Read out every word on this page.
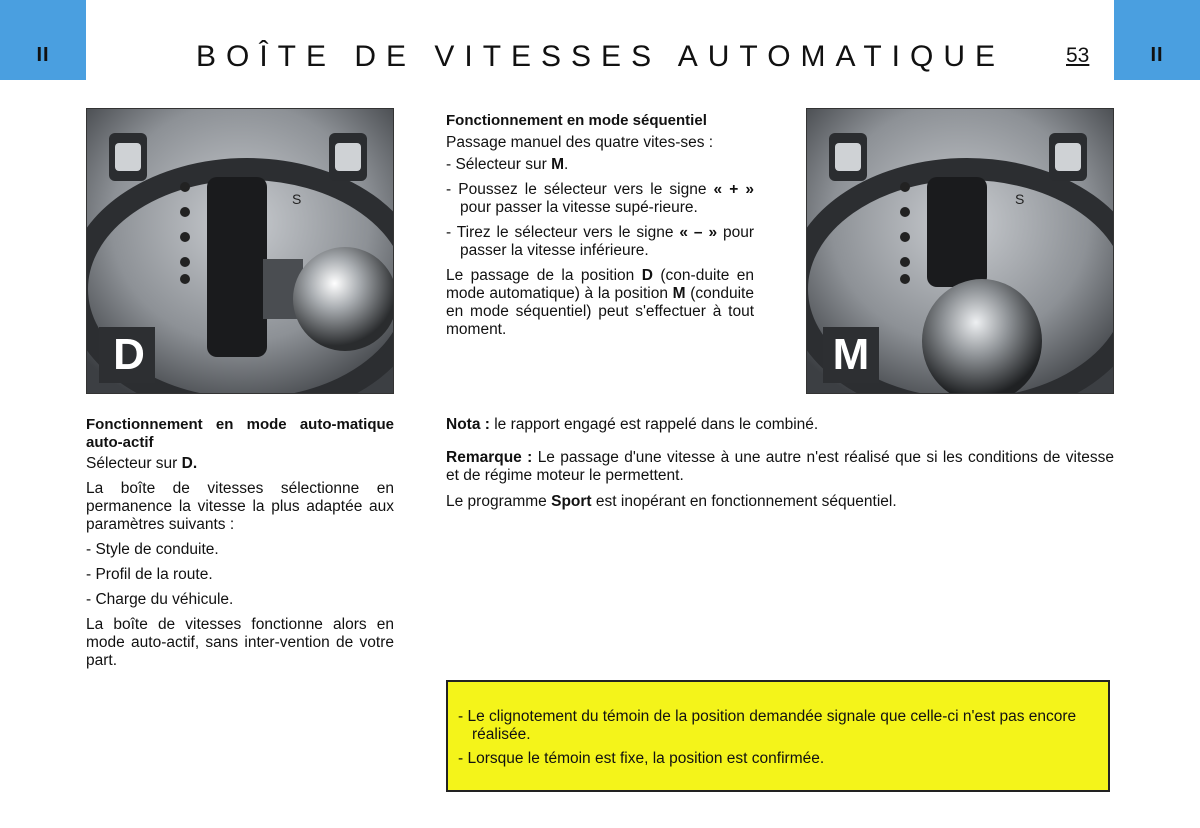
II	II
BOÎTE DE VITESSES AUTOMATIQUE	53
S
D
S
M

Fonctionnement en mode auto-matique auto-actif

Sélecteur sur D.

La boîte de vitesses sélectionne en permanence la vitesse la plus adaptée aux paramètres suivants :

- Style de conduite.

- Profil de la route.

- Charge du véhicule.

La boîte de vitesses fonctionne alors en mode auto-actif, sans inter-vention de votre part.

Fonctionnement en mode séquentiel

Passage manuel des quatre vites-ses :

- Sélecteur sur M.

- Poussez le sélecteur vers le signe « + » pour passer la vitesse supé-rieure.

- Tirez le sélecteur vers le signe « – » pour passer la vitesse inférieure.

Le passage de la position D (con-duite en mode automatique) à la position M (conduite en mode séquentiel) peut s'effectuer à tout moment.

Nota : le rapport engagé est rappelé dans le combiné.

Remarque : Le passage d'une vitesse à une autre n'est réalisé que si les conditions de vitesse et de régime moteur le permettent.

Le programme Sport est inopérant en fonctionnement séquentiel.

- Le clignotement du témoin de la position demandée signale que celle-ci n'est pas encore réalisée.

- Lorsque le témoin est fixe, la position est confirmée.
